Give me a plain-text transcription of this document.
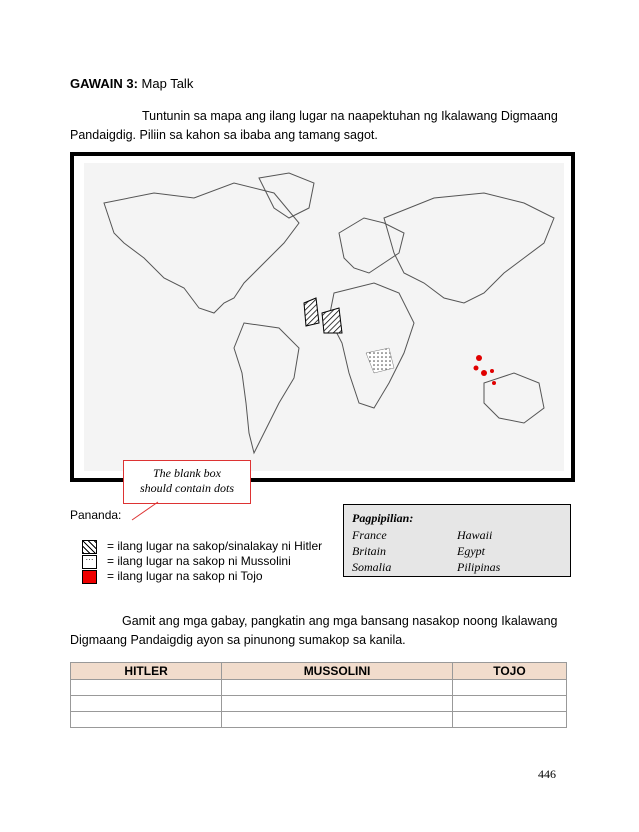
GAWAIN 3: Map Talk
Tuntunin sa mapa ang ilang lugar na naapektuhan ng Ikalawang Digmaang Pandaigdig. Piliin sa kahon sa ibaba ang tamang sagot.
The blank box
should contain dots
Pananda:
= ilang lugar na sakop/sinalakay ni Hitler
··· = ilang lugar na sakop ni Mussolini
= ilang lugar na sakop ni Tojo
Pagpipilian:
France	Hawaii
Britain	Egypt
Somalia	Pilipinas
Gamit ang mga gabay, pangkatin ang mga bansang nasakop noong Ikalawang Digmaang Pandaigdig ayon sa pinunong sumakop sa kanila.
HITLER	MUSSOLINI	TOJO

446
